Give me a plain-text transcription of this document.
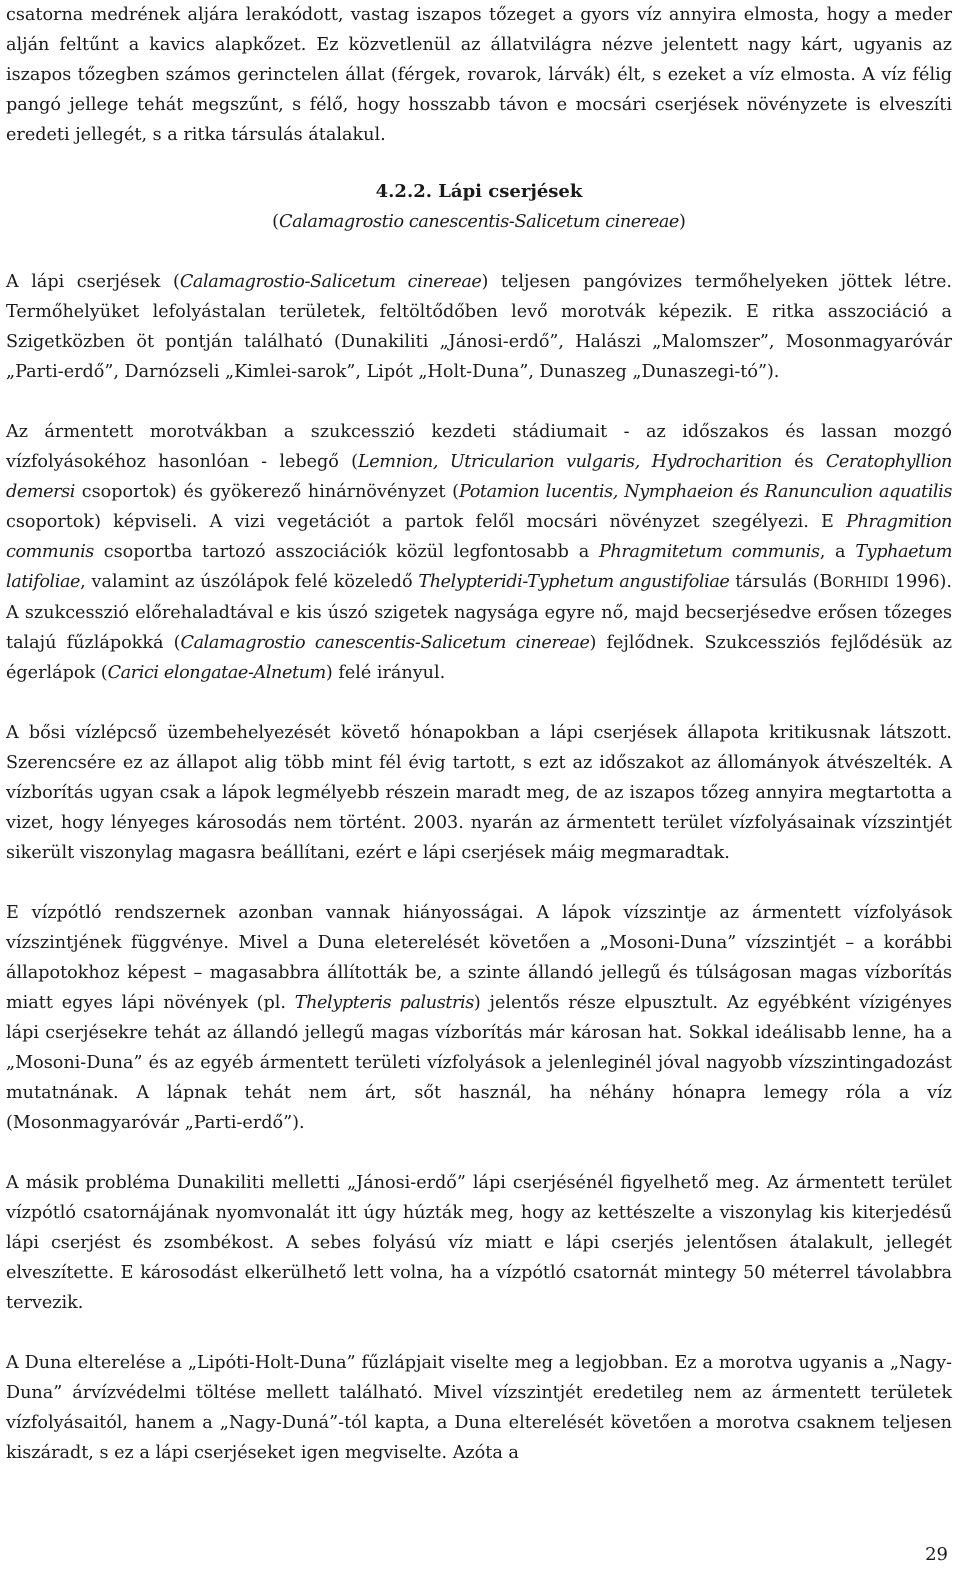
csatorna medrének aljára lerakódott, vastag iszapos tőzeget a gyors víz annyira elmosta, hogy a meder alján feltűnt a kavics alapkőzet. Ez közvetlenül az állatvilágra nézve jelentett nagy kárt, ugyanis az iszapos tőzegben számos gerinctelen állat (férgek, rovarok, lárvák) élt, s ezeket a víz elmosta. A víz félig pangó jellege tehát megszűnt, s félő, hogy hosszabb távon e mocsári cserjések növényzete is elveszíti eredeti jellegét, s a ritka társulás átalakul.

4.2.2. Lápi cserjések
(Calamagrostio canescentis-Salicetum cinereae)

A lápi cserjések (Calamagrostio-Salicetum cinereae) teljesen pangóvizes termőhelyeken jöttek létre. Termőhelyüket lefolyástalan területek, feltöltődőben levő morotvák képezik. E ritka asszociáció a Szigetközben öt pontján található (Dunakiliti „Jánosi-erdő”, Halászi „Malomszer”, Mosonmagyaróvár „Parti-erdő”, Darnózseli „Kimlei-sarok”, Lipót „Holt-Duna”, Dunaszeg „Dunaszegi-tó”).

Az ármentett morotvákban a szukcesszió kezdeti stádiumait - az időszakos és lassan mozgó vízfolyásokéhoz hasonlóan - lebegő (Lemnion, Utricularion vulgaris, Hydrocharition és Ceratophyllion demersi csoportok) és gyökerező hinárnövényzet (Potamion lucentis, Nymphaeion és Ranunculion aquatilis csoportok) képviseli. A vizi vegetációt a partok felől mocsári növényzet szegélyezi. E Phragmition communis csoportba tartozó asszociációk közül legfontosabb a Phragmitetum communis, a Typhaetum latifoliae, valamint az úszólápok felé közeledő Thelypteridi-Typhetum angustifoliae társulás (BORHIDI 1996). A szukcesszió előrehaladtával e kis úszó szigetek nagysága egyre nő, majd becserjésedve erősen tőzeges talajú fűzlápokká (Calamagrostio canescentis-Salicetum cinereae) fejlődnek. Szukcessziós fejlődésük az égerlápok (Carici elongatae-Alnetum) felé irányul.

A bősi vízlépcső üzembehelyezését követő hónapokban a lápi cserjések állapota kritikusnak látszott. Szerencsére ez az állapot alig több mint fél évig tartott, s ezt az időszakot az állományok átvészelték. A vízborítás ugyan csak a lápok legmélyebb részein maradt meg, de az iszapos tőzeg annyira megtartotta a vizet, hogy lényeges károsodás nem történt. 2003. nyarán az ármentett terület vízfolyásainak vízszintjét sikerült viszonylag magasra beállítani, ezért e lápi cserjések máig megmaradtak.

E vízpótló rendszernek azonban vannak hiányosságai. A lápok vízszintje az ármentett vízfolyások vízszintjének függvénye. Mivel a Duna eleterelését követően a „Mosoni-Duna” vízszintjét – a korábbi állapotokhoz képest – magasabbra állították be, a szinte állandó jellegű és túlságosan magas vízborítás miatt egyes lápi növények (pl. Thelypteris palustris) jelentős része elpusztult. Az egyébként vízigényes lápi cserjésekre tehát az állandó jellegű magas vízborítás már károsan hat. Sokkal ideálisabb lenne, ha a „Mosoni-Duna” és az egyéb ármentett területi vízfolyások a jelenleginél jóval nagyobb vízszintingadozást mutatnának. A lápnak tehát nem árt, sőt használ, ha néhány hónapra lemegy róla a víz (Mosonmagyaróvár „Parti-erdő”).

A másik probléma Dunakiliti melletti „Jánosi-erdő” lápi cserjésénél figyelhető meg. Az ármentett terület vízpótló csatornájának nyomvonalát itt úgy húzták meg, hogy az kettészelte a viszonylag kis kiterjedésű lápi cserjést és zsombékost. A sebes folyású víz miatt e lápi cserjés jelentősen átalakult, jellegét elveszítette. E károsodást elkerülhető lett volna, ha a vízpótló csatornát mintegy 50 méterrel távolabbra tervezik.

A Duna elterelése a „Lipóti-Holt-Duna” fűzlápjait viselte meg a legjobban. Ez a morotva ugyanis a „Nagy-Duna” árvízvédelmi töltése mellett található. Mivel vízszintjét eredetileg nem az ármentett területek vízfolyásaitól, hanem a „Nagy-Duná”-tól kapta, a Duna elterelését követően a morotva csaknem teljesen kiszáradt, s ez a lápi cserjéseket igen megviselte. Azóta a

29
